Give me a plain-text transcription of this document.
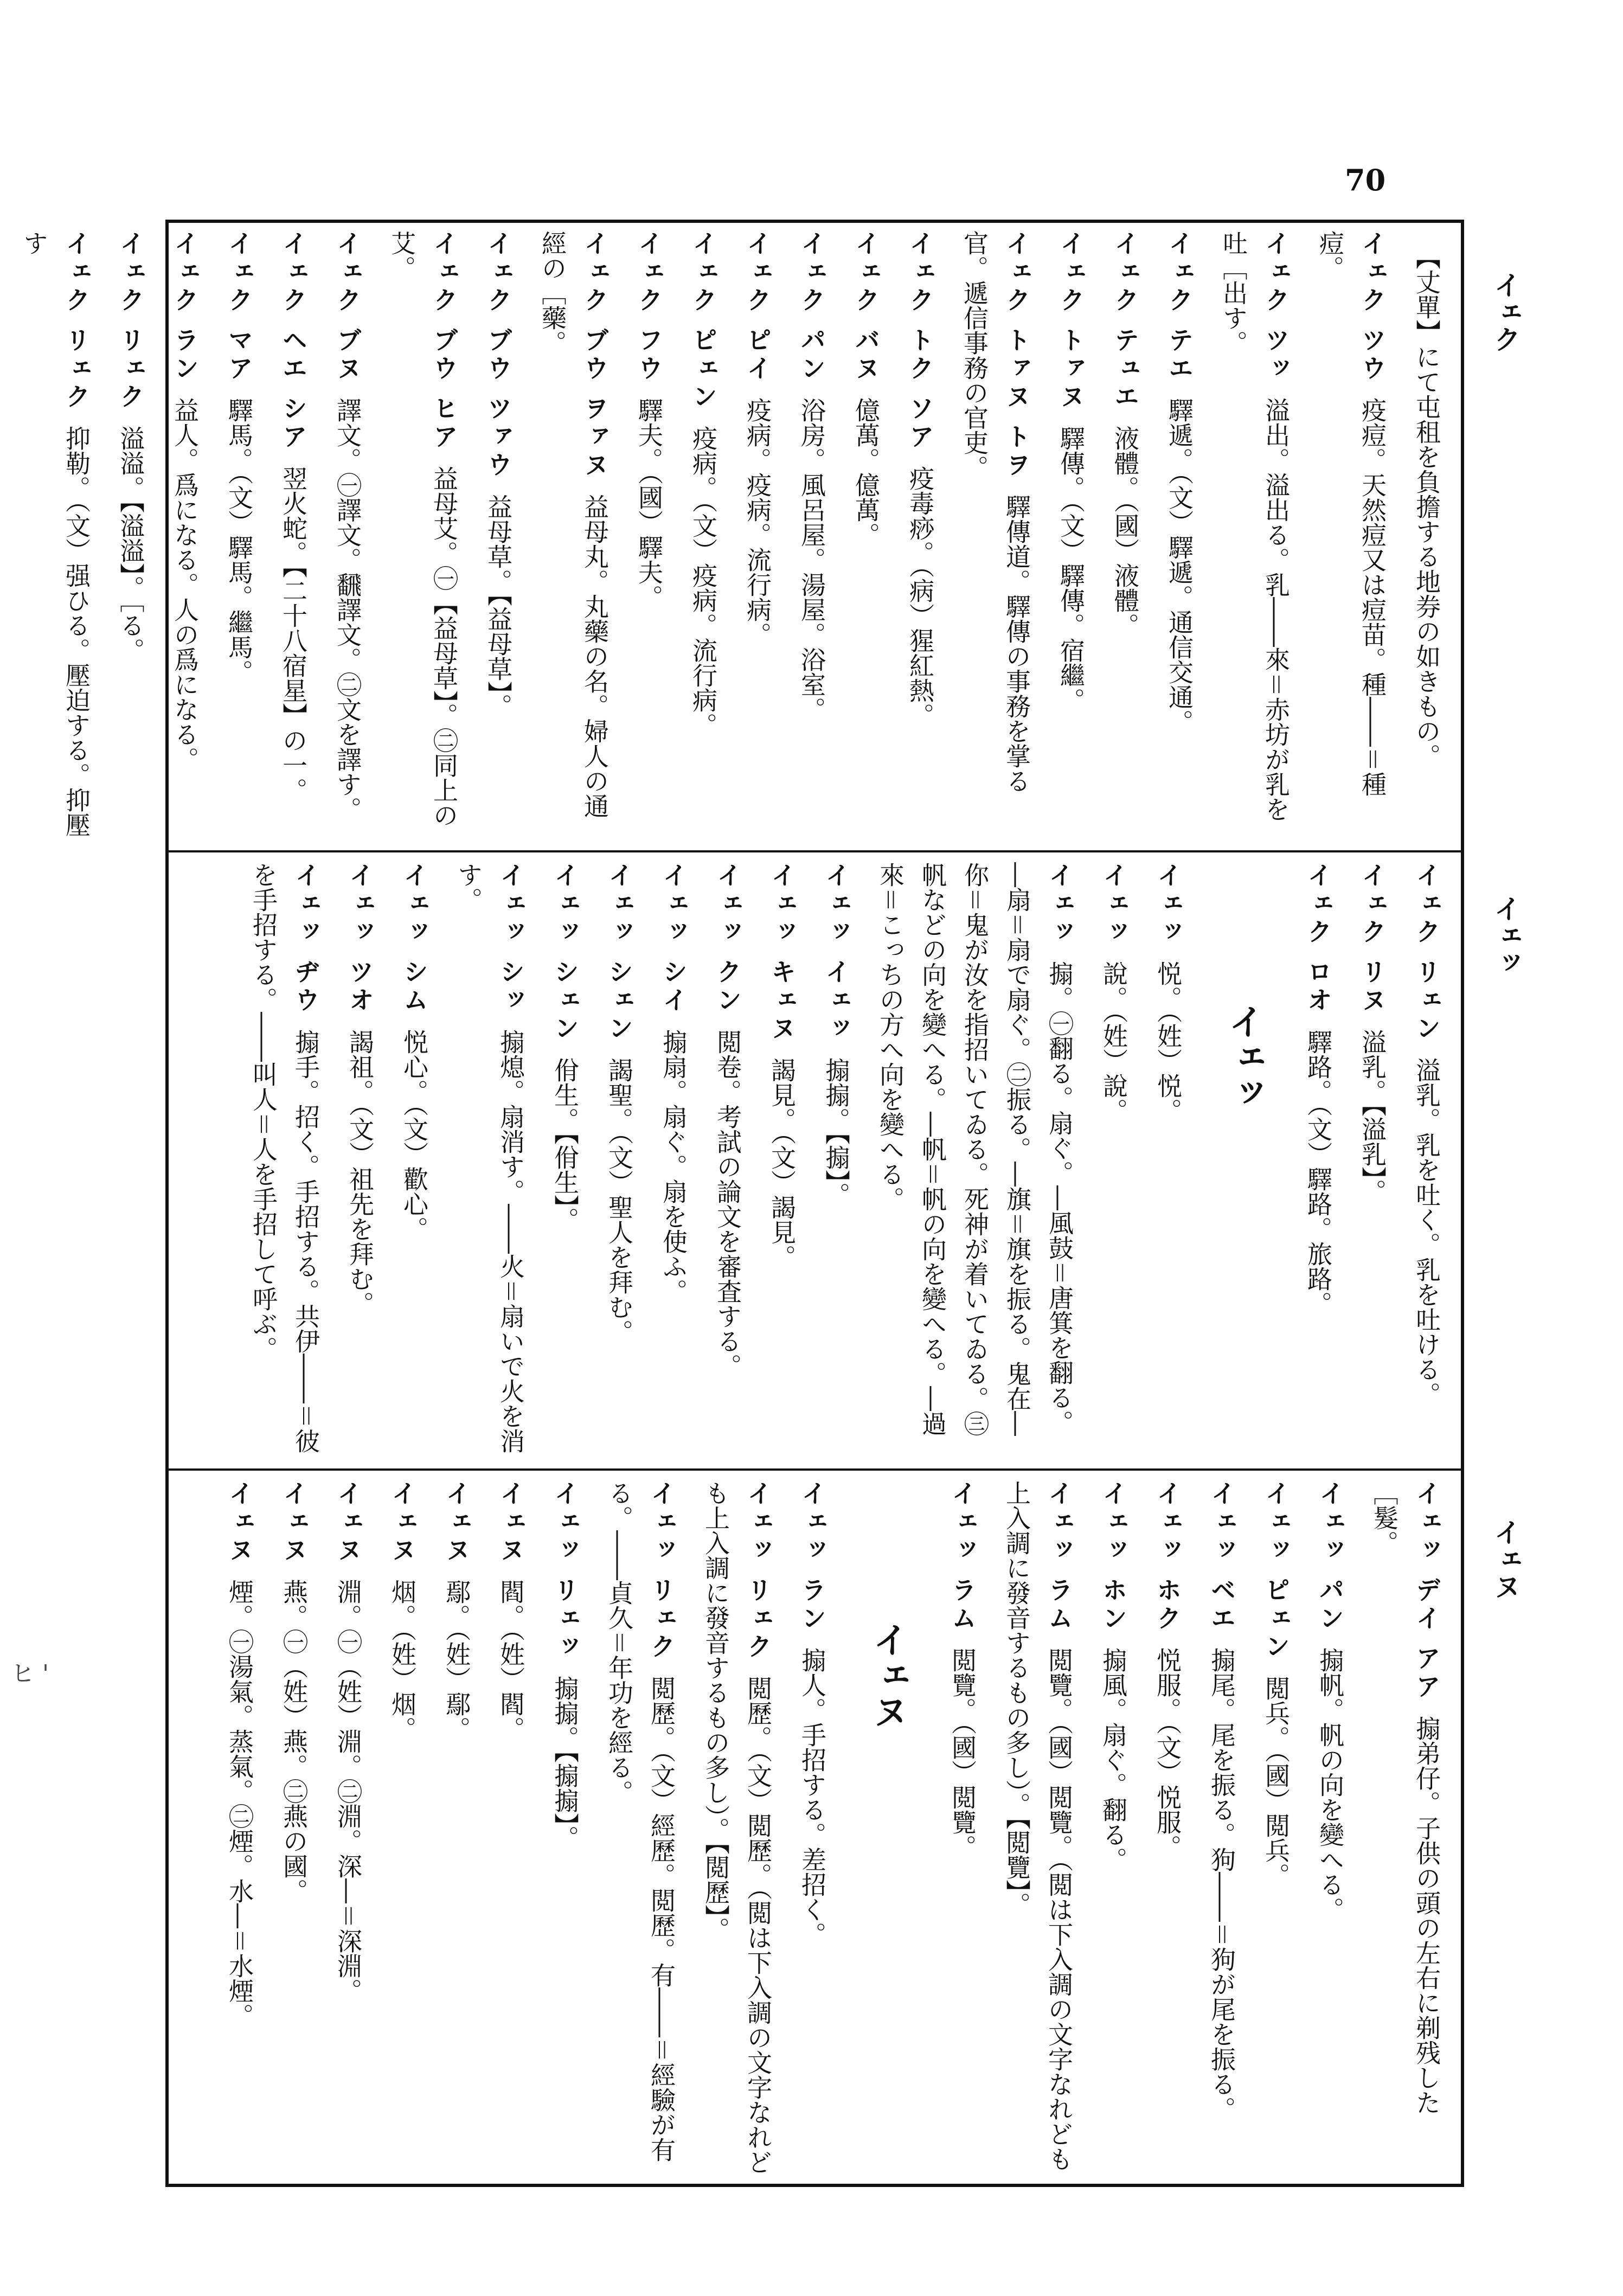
70
イェク
イェッ
イェヌ
ヒ '
【丈單】にて屯租を負擔する地券の如きもの。
イェク ツウ疫痘。天然痘又は痘苗。種――＝種痘。
イェク ツッ溢出。溢出る。乳――來＝赤坊が乳を吐［出す。
イェク テエ驛遞。（文）驛遞。通信交通。
イェク テュエ液體。（國）液體。
イェク トァヌ驛傳。（文）驛傳。宿繼。
イェク トァヌ トヲ驛傳道。驛傳の事務を掌る官。遞信事務の官吏。
イェク トク ソア疫毒痧。（病）猩紅熱。
イェク バヌ億萬。億萬。
イェク パン浴房。風呂屋。湯屋。浴室。
イェク ピイ疫病。疫病。流行病。
イェク ピェン疫病。（文）疫病。流行病。
イェク フウ驛夫。（國）驛夫。
イェク ブウ ヲァヌ益母丸。丸藥の名。婦人の通經の［藥。
イェク ブウ ツァウ益母草。【益母草】。
イェク ブウ ヒア益母艾。㊀【益母草】。㊁同上の艾。
イェク ブヌ譯文。㊀譯文。飜譯文。㊁文を譯す。
イェク ヘエ シア翌火蛇。【二十八宿星】の一。
イェク マア驛馬。（文）驛馬。繼馬。
イェク ラン益人。爲になる。人の爲になる。
イェク リェク溢溢。【溢溢】。［る。
イェク リェク抑勒。（文）强ひる。壓迫する。抑壓す
イェク リェン溢乳。乳を吐く。乳を吐ける。
イェク リヌ溢乳。【溢乳】。
イェク ロオ驛路。（文）驛路。旅路。
イェッ
イェッ悦。（姓）悦。
イェッ說。（姓）說。
イェッ搧。㊀翻る。扇ぐ。―風鼓＝唐箕を翻る。―扇＝扇で扇ぐ。㊁振る。―旗＝旗を振る。鬼在―你＝鬼が汝を指招いてゐる。死神が着いてゐる。㊂帆などの向を變へる。―帆＝帆の向を變へる。―過來＝こっちの方へ向を變へる。
イェッ イェッ搧搧。【搧】。
イェッ キェヌ謁見。（文）謁見。
イェッ クン閲卷。考試の論文を審査する。
イェッ シイ搧扇。扇ぐ。扇を使ふ。
イェッ シェン謁聖。（文）聖人を拜む。
イェッ シェン佾生。【佾生】。
イェッ シッ搧熄。扇消す。――火＝扇いで火を消す。
イェッ シム悦心。（文）歡心。
イェッ ツオ謁祖。（文）祖先を拜む。
イェッ ヂウ搧手。招く。手招する。共伊――＝彼を手招する。――叫人＝人を手招して呼ぶ。
イェッ デイ アア搧弟仔。子供の頭の左右に剃残した［髮。
イェッ パン搧帆。帆の向を變へる。
イェッ ピェン閲兵。（國）閲兵。
イェッ ベエ搧尾。尾を振る。狗――＝狗が尾を振る。
イェッ ホク悦服。（文）悦服。
イェッ ホン搧風。扇ぐ。翻る。
イェッ ラム閲覽。（國）閲覽。（閲は下入調の文字なれども上入調に發音するもの多し）。【閲覽】。
イェッ ラム閲覽。（國）閲覽。
イェヌ
イェッ ラン搧人。手招する。差招く。
イェッ リェク閲歷。（文）閲歷。（閲は下入調の文字なれども上入調に發音するもの多し）。【閲歷】。
イェッ リェク閲歷。（文）經歷。閲歷。有――＝經驗が有る。――貞久＝年功を經る。
イェッ リェッ搧搧。【搧搧】。
イェヌ閻。（姓）閻。
イェヌ鄢。（姓）鄢。
イェヌ烟。（姓）烟。
イェヌ淵。㊀（姓）淵。㊁淵。深―＝深淵。
イェヌ燕。㊀（姓）燕。㊁燕の國。
イェヌ煙。㊀湯氣。蒸氣。㊁煙。水―＝水煙。
